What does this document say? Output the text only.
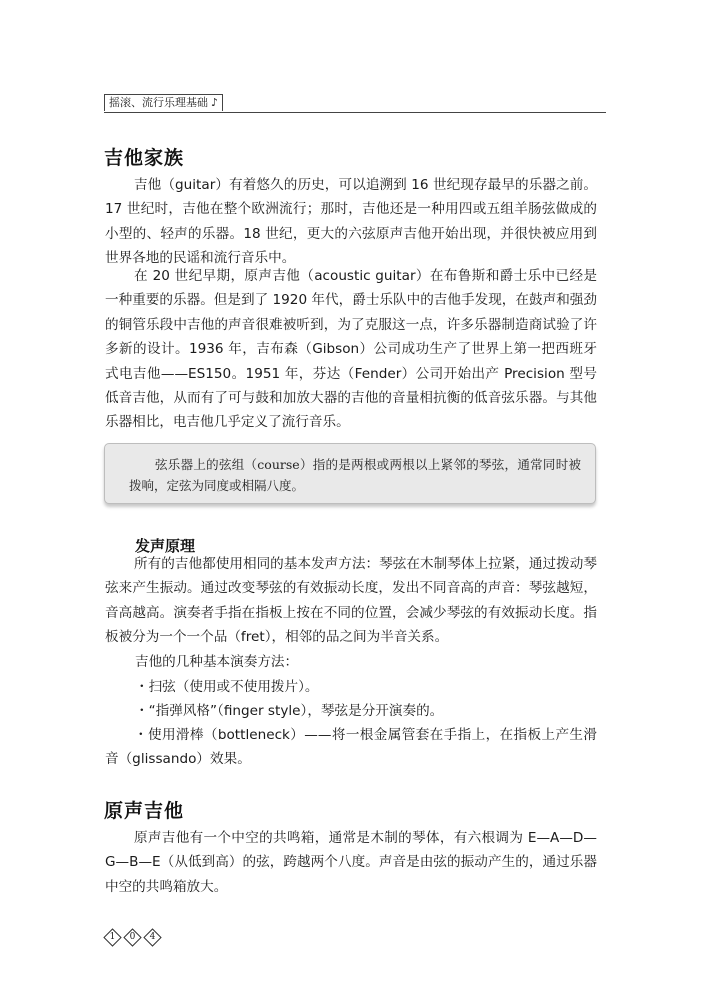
摇滚、流行乐理基础 ♪
吉他家族

吉他（guitar）有着悠久的历史，可以追溯到 16 世纪现存最早的乐器之前。17 世纪时，吉他在整个欧洲流行；那时，吉他还是一种用四或五组羊肠弦做成的小型的、轻声的乐器。18 世纪，更大的六弦原声吉他开始出现，并很快被应用到世界各地的民谣和流行音乐中。

在 20 世纪早期，原声吉他（acoustic guitar）在布鲁斯和爵士乐中已经是一种重要的乐器。但是到了 1920 年代，爵士乐队中的吉他手发现，在鼓声和强劲的铜管乐段中吉他的声音很难被听到，为了克服这一点，许多乐器制造商试验了许多新的设计。1936 年，吉布森（Gibson）公司成功生产了世界上第一把西班牙式电吉他——ES150。1951 年，芬达（Fender）公司开始出产 Precision 型号低音吉他，从而有了可与鼓和加放大器的吉他的音量相抗衡的低音弦乐器。与其他乐器相比，电吉他几乎定义了流行音乐。

弦乐器上的弦组（course）指的是两根或两根以上紧邻的琴弦，通常同时被拨响，定弦为同度或相隔八度。

发声原理

所有的吉他都使用相同的基本发声方法：琴弦在木制琴体上拉紧，通过拨动琴弦来产生振动。通过改变琴弦的有效振动长度，发出不同音高的声音：琴弦越短，音高越高。演奏者手指在指板上按在不同的位置，会减少琴弦的有效振动长度。指板被分为一个一个品（fret），相邻的品之间为半音关系。

吉他的几种基本演奏方法：

・扫弦（使用或不使用拨片）。

・“指弹风格”（finger style），琴弦是分开演奏的。

・使用滑棒（bottleneck）——将一根金属管套在手指上，在指板上产生滑音（glissando）效果。

原声吉他

原声吉他有一个中空的共鸣箱，通常是木制的琴体，有六根调为 E—A—D—G—B—E（从低到高）的弦，跨越两个八度。声音是由弦的振动产生的，通过乐器中空的共鸣箱放大。

1
0
4
